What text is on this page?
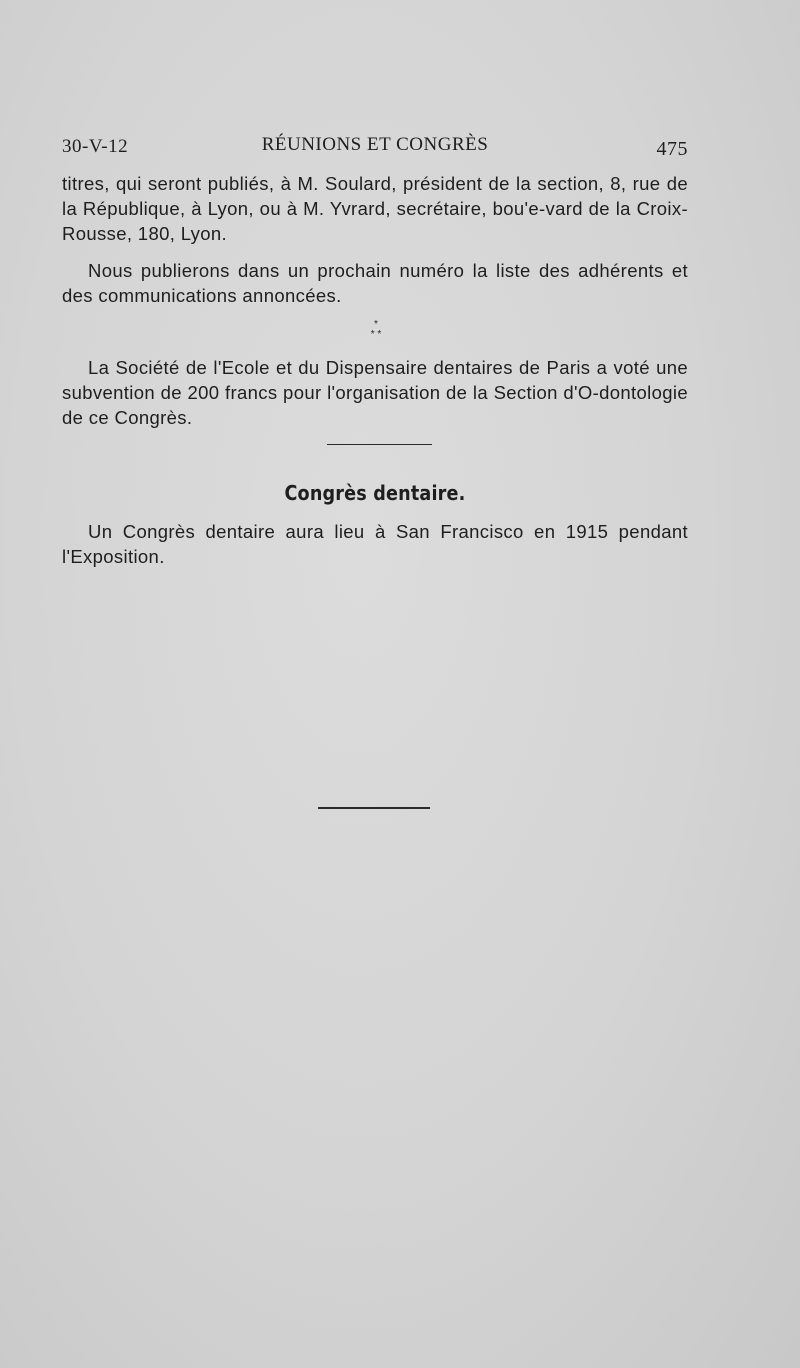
30-V-12	RÉUNIONS ET CONGRÈS	475

titres, qui seront publiés, à M. Soulard, président de la section, 8, rue de la République, à Lyon, ou à M. Yvrard, secrétaire, bou'e-vard de la Croix-Rousse, 180, Lyon.

Nous publierons dans un prochain numéro la liste des adhérents et des communications annoncées.

*
* *

La Société de l'Ecole et du Dispensaire dentaires de Paris a voté une subvention de 200 francs pour l'organisation de la Section d'O-dontologie de ce Congrès.

Congrès dentaire.

Un Congrès dentaire aura lieu à San Francisco en 1915 pendant l'Exposition.
